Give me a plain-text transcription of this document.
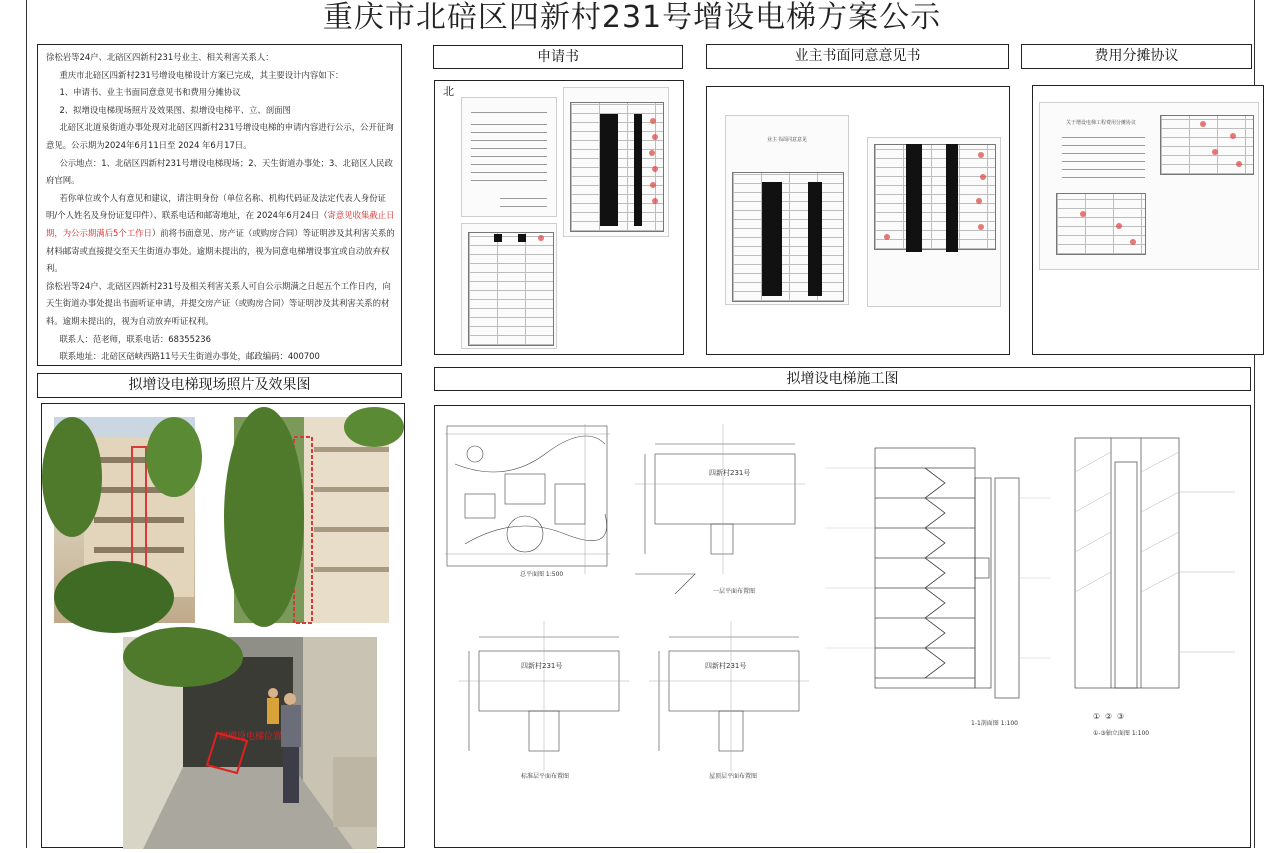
重庆市北碚区四新村231号增设电梯方案公示

徐松岩等24户、北碚区四新村231号业主、相关利害关系人：

重庆市北碚区四新村231号增设电梯设计方案已完成，其主要设计内容如下：

1、申请书、业主书面同意意见书和费用分摊协议

2、拟增设电梯现场照片及效果图、拟增设电梯平、立、剖面图

北碚区北道泉街道办事处现对北碚区四新村231号增设电梯的申请内容进行公示，公开征询意见。公示期为2024年6月11日至 2024 年6月17日。

公示地点：1、北碚区四新村231号增设电梯现场；2、天生街道办事处；3、北碚区人民政府官网。

若你单位或个人有意见和建议，请注明身份（单位名称、机构代码证及法定代表人身份证明/个人姓名及身份证复印件）、联系电话和邮寄地址，在 2024年6月24日（寄意见收集截止日期，为公示期满后5个工作日）前将书面意见、房产证（或购房合同）等证明涉及其利害关系的材料邮寄或直接提交至天生街道办事处。逾期未提出的，视为同意电梯增设事宜或自动放弃权利。

徐松岩等24户、北碚区四新村231号及相关利害关系人可自公示期满之日起五个工作日内，向天生街道办事处提出书面听证申请，并提交房产证（或购房合同）等证明涉及其利害关系的材料。逾期未提出的，视为自动放弃听证权利。

联系人：范老师，联系电话：68355236

联系地址：北碚区碚峡西路11号天生街道办事处，邮政编码：400700

申请书	业主书面同意意见书	费用分摊协议
拟增设电梯现场照片及效果图	拟增设电梯施工图
北
业主书面同意意见
关于增设电梯工程费用分摊协议
拟增设电梯位置
总平面图 1:500
四新村231号
一层平面布置图
四新村231号
标准层平面布置图
四新村231号
屋顶层平面布置图
1-1剖面图 1:100
① ② ③
①-③轴立面图 1:100
